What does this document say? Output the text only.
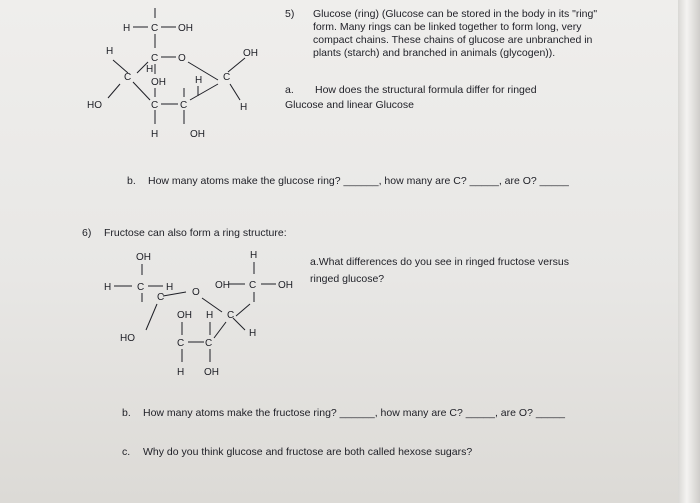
H C OH
H
C O
OH	C
OH
H
H
C
HO	C C
H	OH
H
OH
H	C H O
H
C
OH	OH
C
H
C
HO
OH H
C C
H OH
5) Glucose (ring) (Glucose can be stored in the body in its "ring" form. Many rings can be linked together to form long, very compact chains. These chains of glucose are unbranched in plants (starch) and branched in animals (glycogen)).
a. How does the structural formula differ for ringed
Glucose and linear Glucose
b. How many atoms make the glucose ring? ______, how many are C? _____, are O? _____
6) Fructose can also form a ring structure:
a.What differences do you see in ringed fructose versus
ringed glucose?
b. How many atoms make the fructose ring? ______, how many are C? _____, are O? _____
c. Why do you think glucose and fructose are both called hexose sugars?
